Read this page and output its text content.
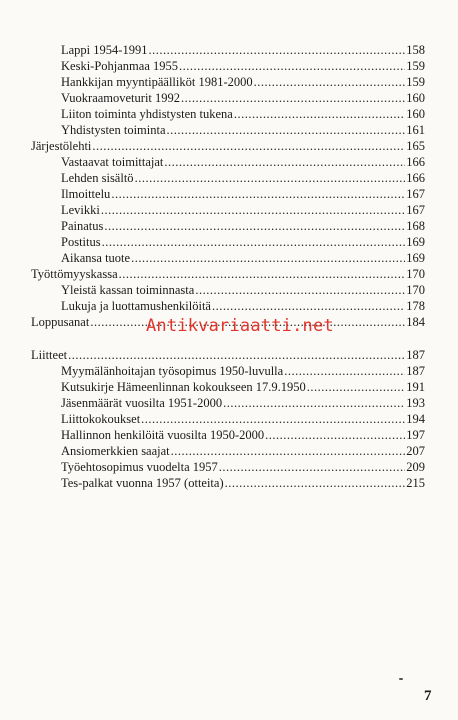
Lappi 1954-1991 .....	158
Keski-Pohjanmaa 1955 .....	159
Hankkijan myyntipäälliköt 1981-2000 .....	159
Vuokraamoveturit 1992 .....	160
Liiton toiminta yhdistysten tukena .....	160
Yhdistysten toiminta .....	161
Järjestölehti .....	165
Vastaavat toimittajat .....	166
Lehden sisältö .....	166
Ilmoittelu .....	167
Levikki .....	167
Painatus .....	168
Postitus .....	169
Aikansa tuote .....	169
Työttömyyskassa .....	170
Yleistä kassan toiminnasta .....	170
Lukuja ja luottamushenkilöitä .....	178
Loppusanat .....	184
Liitteet .....	187
Myymälänhoitajan työsopimus 1950-luvulla .....	187
Kutsukirje Hämeenlinnan kokoukseen 17.9.1950 .....	191
Jäsenmäärät vuosilta 1951-2000 .....	193
Liittokokoukset .....	194
Hallinnon henkilöitä vuosilta 1950-2000 .....	197
Ansiomerkkien saajat .....	207
Työehtosopimus vuodelta 1957 .....	209
Tes-palkat vuonna 1957 (otteita) .....	215
Antikvariaatti.net
7
